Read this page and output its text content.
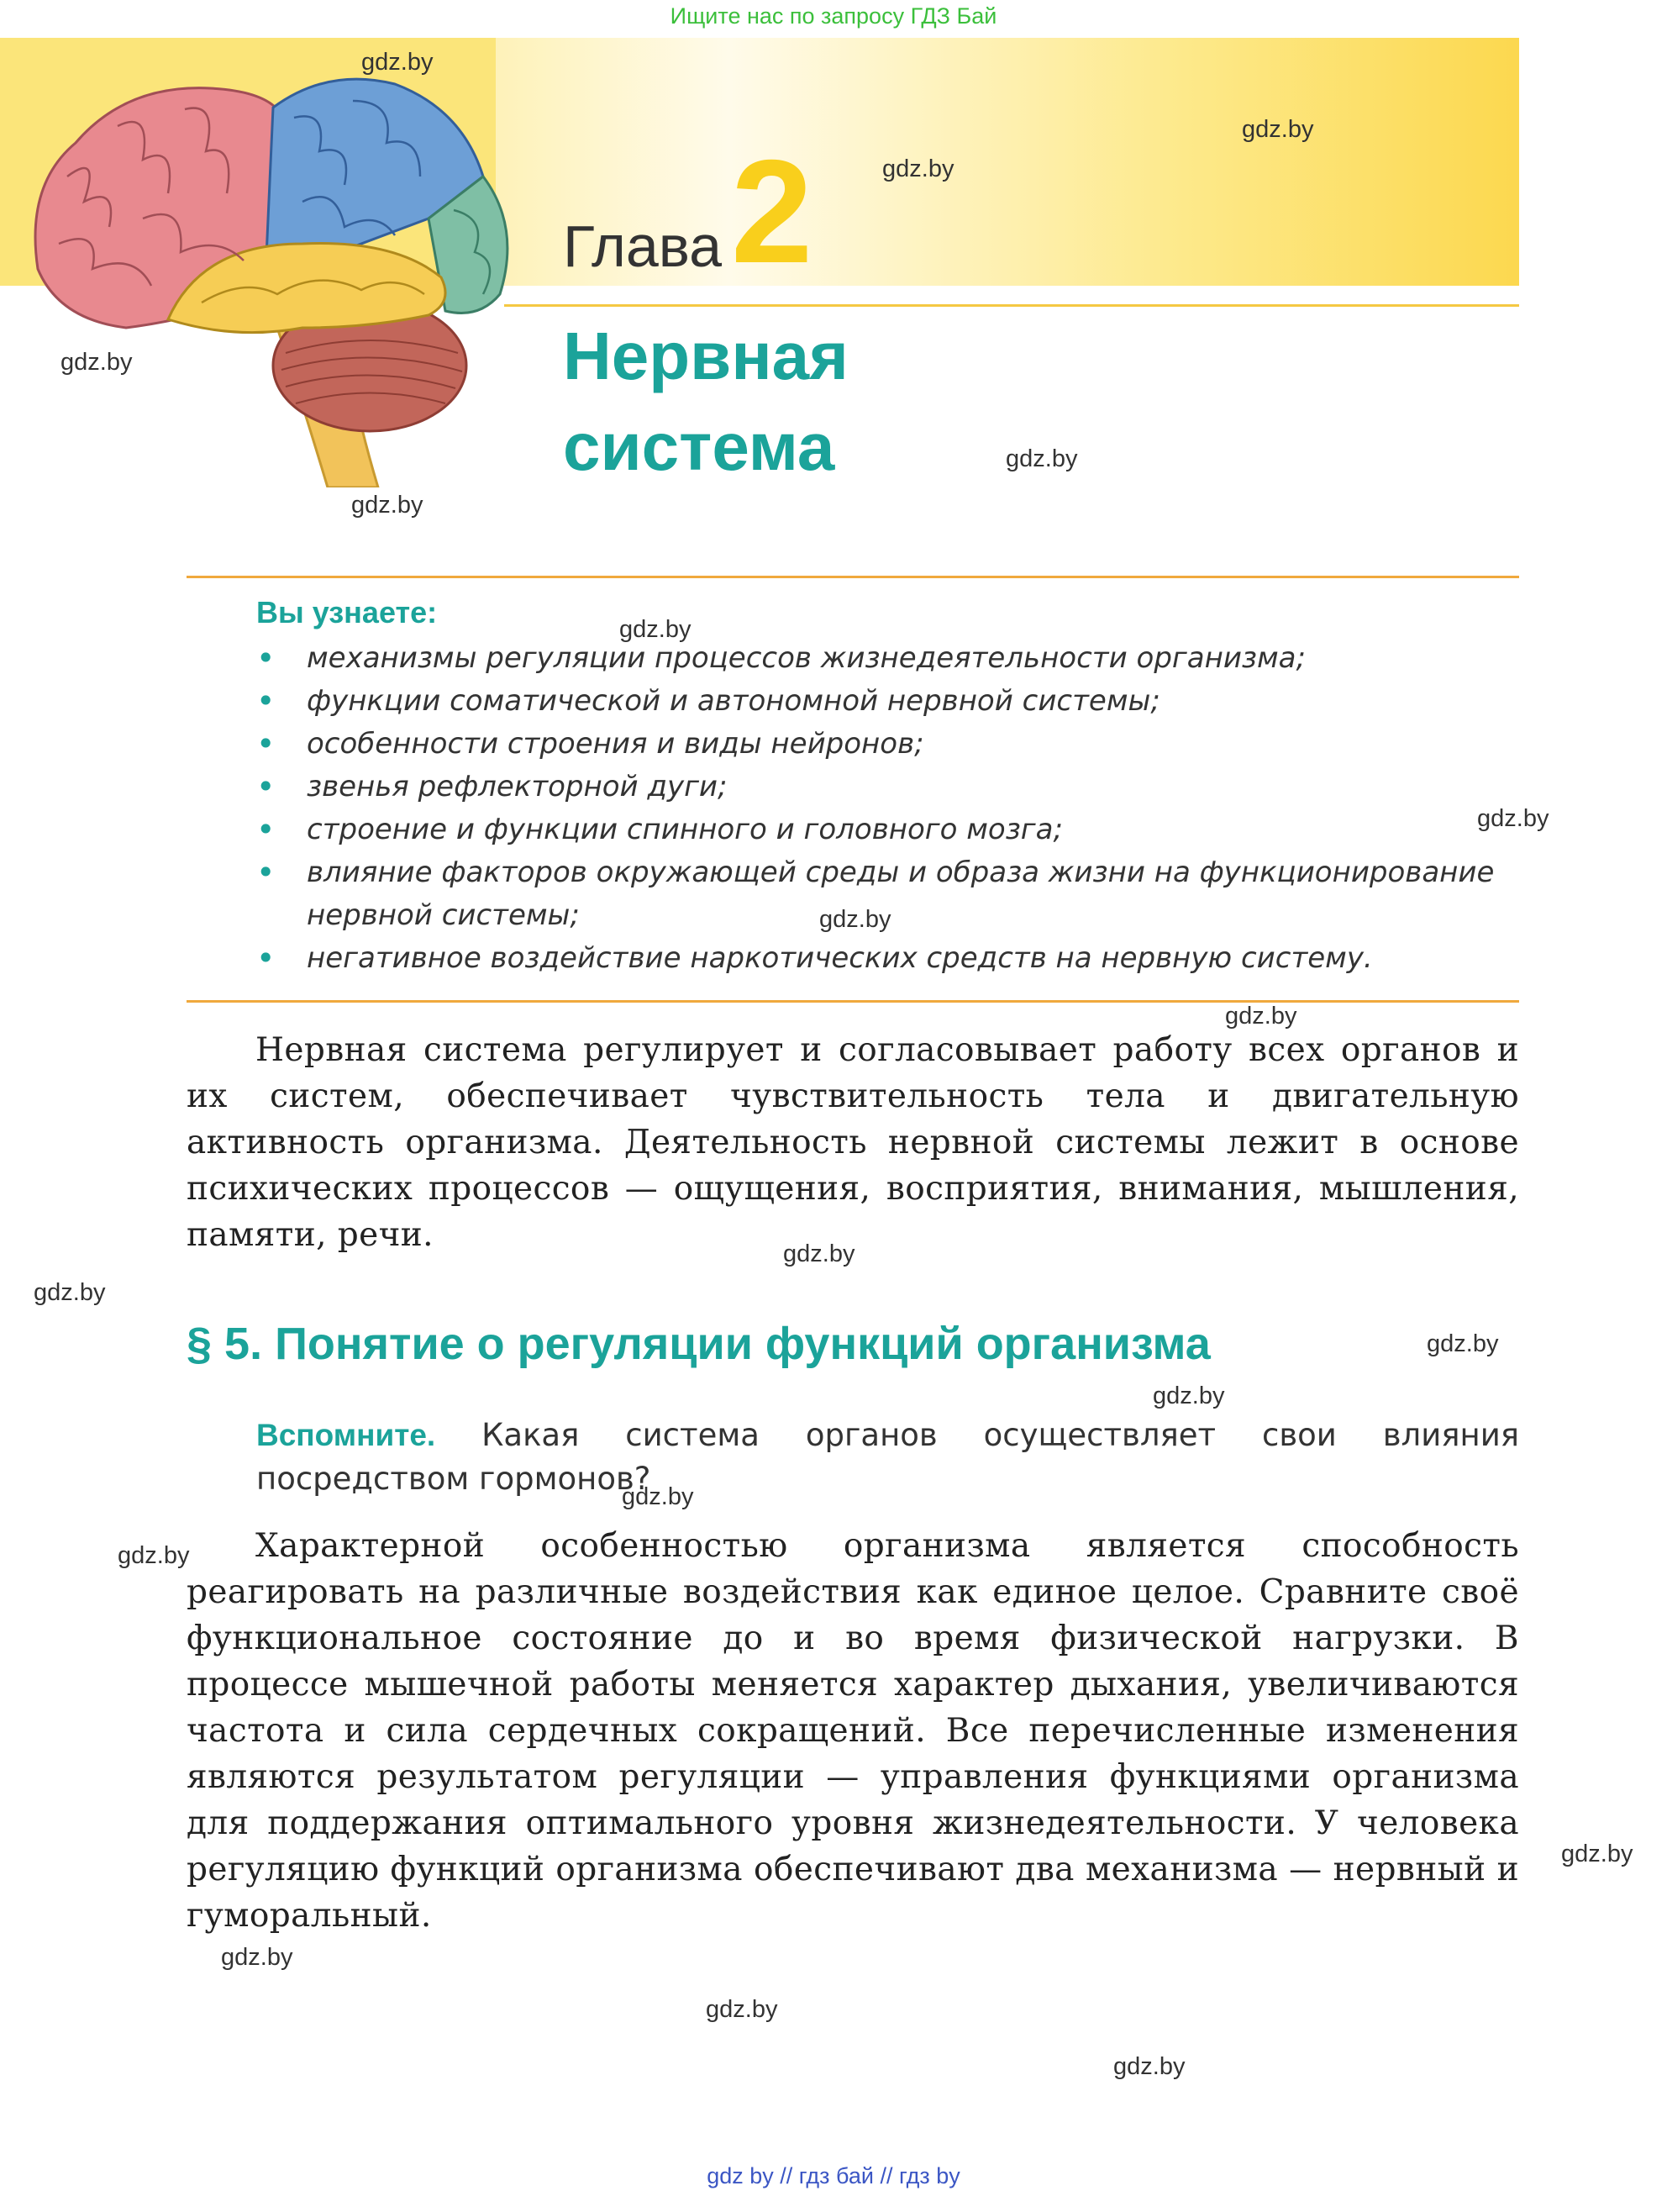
Ищите нас по запросу ГДЗ Бай
Глава 2
Нервная
система
Вы узнаете:
• механизмы регуляции процессов жизнедеятельности организма;
• функции соматической и автономной нервной системы;
• особенности строения и виды нейронов;
• звенья рефлекторной дуги;
• строение и функции спинного и головного мозга;
• влияние факторов окружающей среды и образа жизни на функционирование нервной системы;
• негативное воздействие наркотических средств на нервную систему.
Нервная система регулирует и согласовывает работу всех органов и их систем, обеспечивает чувствительность тела и двигательную активность организма. Деятельность нервной системы лежит в основе психических процессов — ощущения, восприятия, внимания, мышления, памяти, речи.
§ 5. Понятие о регуляции функций организма
Вспомните. Какая система органов осуществляет свои влияния посредством гормонов?
Характерной особенностью организма является способность реагировать на различные воздействия как единое целое. Сравните своё функциональное состояние до и во время физической нагрузки. В процессе мышечной работы меняется характер дыхания, увеличиваются частота и сила сердечных сокращений. Все перечисленные изменения являются результатом регуляции — управления функциями организма для поддержания оптимального уровня жизнедеятельности. У человека регуляцию функций организма обеспечивают два механизма — нервный и гуморальный.
gdz.by
gdz.by
gdz.by
gdz.by
gdz.by
gdz.by
gdz.by
gdz.by
gdz.by
gdz.by
gdz.by
gdz.by
gdz.by
gdz.by
gdz.by
gdz.by
gdz.by
gdz.by
gdz.by
gdz.by
gdz by // гдз бай // гдз by
